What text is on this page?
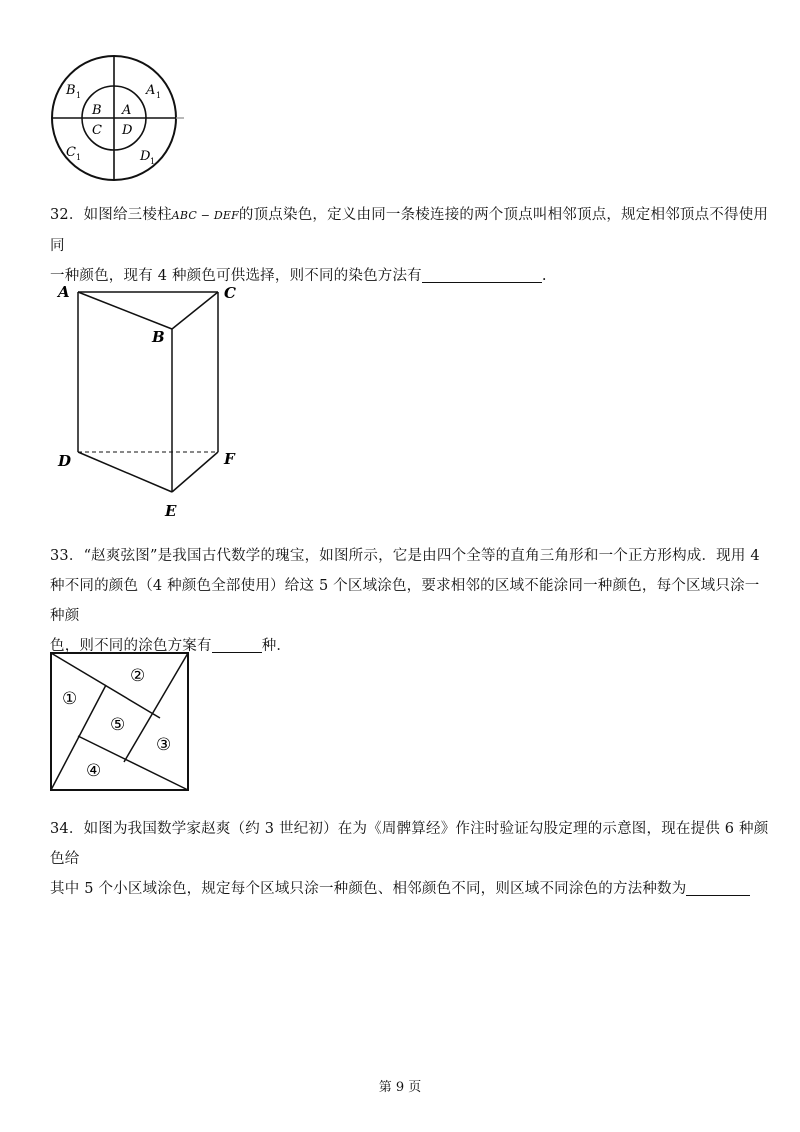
B 1	A 1
B A
C D
C 1	D 1
32．如图给三棱柱ABC − DEF的顶点染色，定义由同一条棱连接的两个顶点叫相邻顶点，规定相邻顶点不得使用同
一种颜色，现有 4 种颜色可供选择，则不同的染色方法有	.
A	C
B
D	F
E
33．“赵爽弦图”是我国古代数学的瑰宝，如图所示，它是由四个全等的直角三角形和一个正方形构成．现用 4
种不同的颜色（4 种颜色全部使用）给这 5 个区域涂色，要求相邻的区域不能涂同一种颜色，每个区域只涂一种颜
色，则不同的涂色方案有	种．
①
②
③
④
⑤
34．如图为我国数学家赵爽（约 3 世纪初）在为《周髀算经》作注时验证勾股定理的示意图，现在提供 6 种颜色给
其中 5 个小区域涂色，规定每个区域只涂一种颜色、相邻颜色不同，则区域不同涂色的方法种数为
第 9 页
